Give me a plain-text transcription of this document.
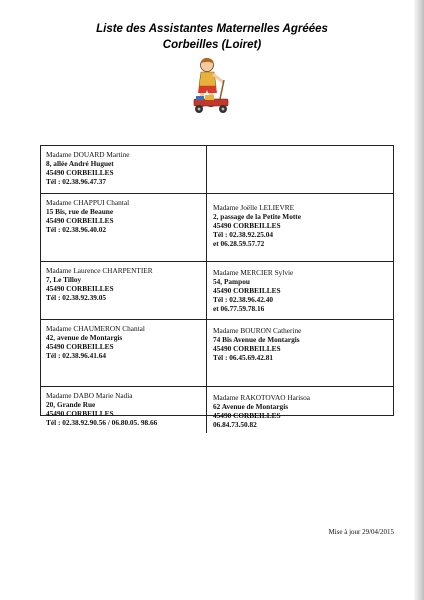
Liste des Assistantes Maternelles Agréées
Corbeilles (Loiret)
Madame DOUARD Martine
8, allée André Huguet
45490 CORBEILLES
Tél : 02.38.96.47.37
Madame CHAPPUI Chantal
15 Bis, rue de Beaune
45490 CORBEILLES
Tél : 02.38.96.40.02
Madame Joëlle LELIEVRE
2, passage de la Petite Motte
45490 CORBEILLES
Tél : 02.38.92.25.04
et 06.28.59.57.72
Madame Laurence CHARPENTIER
7, Le Tilloy
45490 CORBEILLES
Tél : 02.38.92.39.05
Madame MERCIER Sylvie
54, Pampou
45490 CORBEILLES
Tél : 02.38.96.42.40
et 06.77.59.78.16
Madame CHAUMERON Chantal
42, avenue de Montargis
45490 CORBEILLES
Tél : 02.38.96.41.64
Madame BOURON Catherine
74 Bis Avenue de Montargis
45490 CORBEILLES
Tél : 06.45.69.42.81
Madame DABO Marie Nadia
20, Grande Rue
45490 CORBEILLES
Tél : 02.38.92.90.56 / 06.80.05. 98.66
Madame RAKOTOVAO Harisoa
62 Avenue de Montargis
45490 CORBEILLES
06.84.73.50.82
Mise à jour 29/04/2015
